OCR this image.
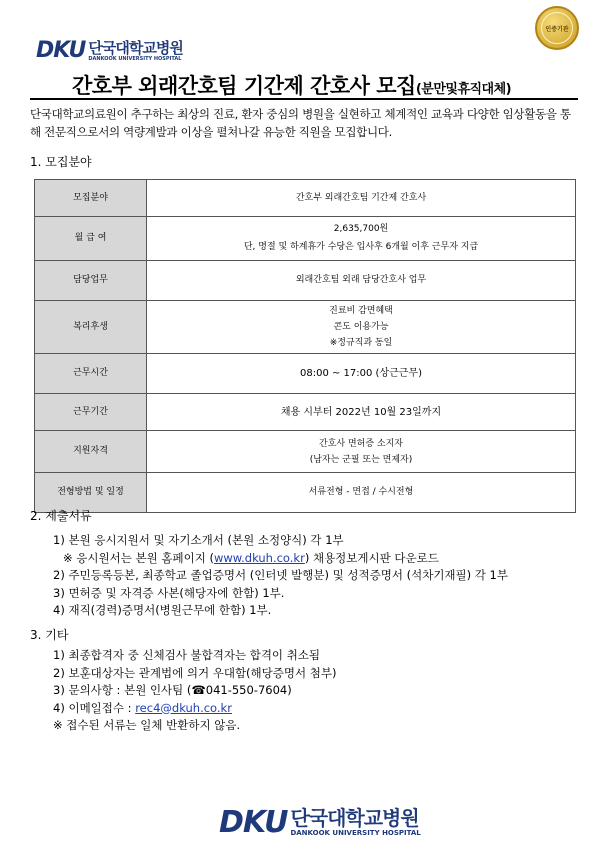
DKU 단국대학교병원
DANKOOK UNIVERSITY HOSPITAL
인증기관
간호부 외래간호팀 기간제 간호사 모집(분만및휴직대체)
단국대학교의료원이 추구하는 최상의 진료, 환자 중심의 병원을 실현하고 체계적인 교육과 다양한 임상활동을 통해 전문직으로서의 역량계발과 이상을 펼쳐나갈 유능한 직원을 모집합니다.
1. 모집분야
모집분야	간호부 외래간호팀 기간제 간호사

월 급 여	2,635,700원
단, 명절 및 하계휴가 수당은 입사후 6개월 이후 근무자 지급

담당업무	외래간호팀 외래 담당간호사 업무

복리후생	진료비 감면혜택
콘도 이용가능
※정규직과 동일

근무시간	08:00 ~ 17:00 (상근근무)

근무기간	채용 시부터 2022년 10월 23일까지

지원자격	간호사 면허증 소지자
(남자는 군필 또는 면제자)

전형방법 및 일정	서류전형 - 면접 / 수시전형
2. 제출서류
1) 본원 응시지원서 및 자기소개서 (본원 소정양식) 각 1부
※ 응시원서는 본원 홈페이지 (www.dkuh.co.kr) 채용정보게시판 다운로드
2) 주민등록등본, 최종학교 졸업증명서 (인터넷 발행분) 및 성적증명서 (석차기재필) 각 1부
3) 면허증 및 자격증 사본(해당자에 한함) 1부.
4) 재직(경력)증명서(병원근무에 한함) 1부.
3. 기타
1) 최종합격자 중 신체검사 불합격자는 합격이 취소됨
2) 보훈대상자는 관계법에 의거 우대함(해당증명서 첨부)
3) 문의사항 : 본원 인사팀 (☎041-550-7604)
4) 이메일접수 : rec4@dkuh.co.kr
※ 접수된 서류는 일체 반환하지 않음.
DKU 단국대학교병원
DANKOOK UNIVERSITY HOSPITAL
